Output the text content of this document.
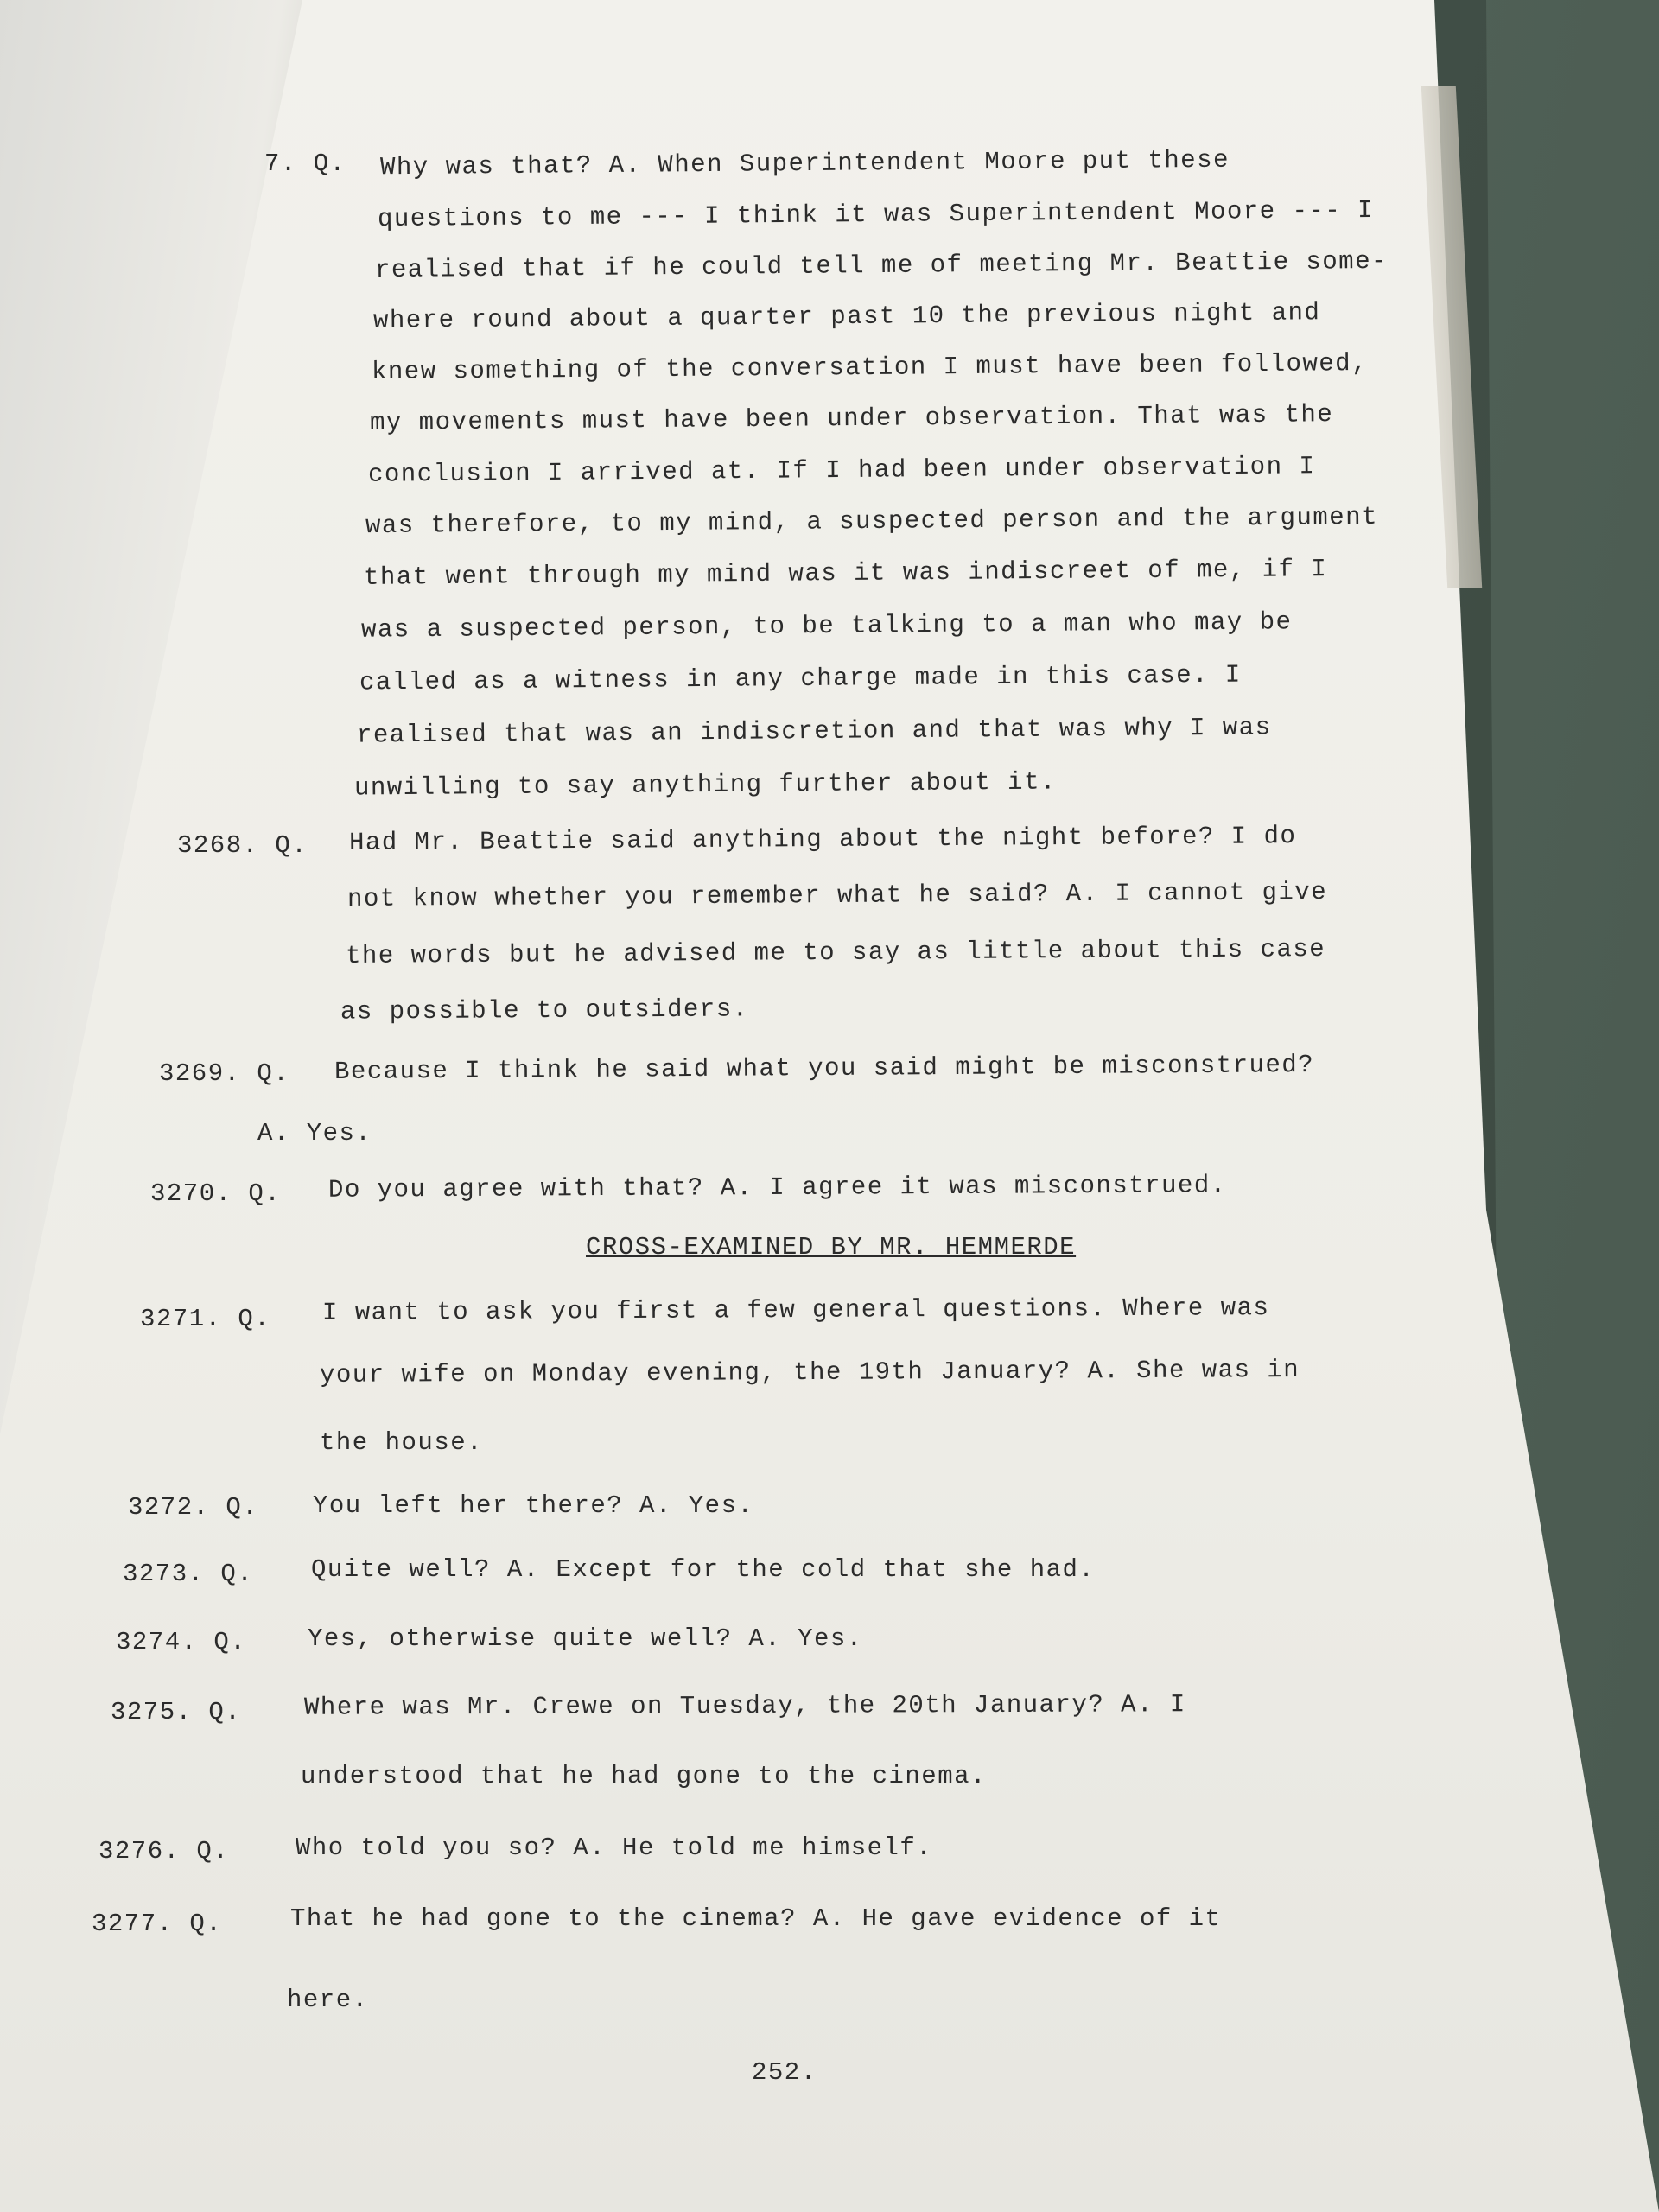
7. Q. Why was that? A. When Superintendent Moore put these
questions to me --- I think it was Superintendent Moore --- I
realised that if he could tell me of meeting Mr. Beattie some-
where round about a quarter past 10 the previous night and
knew something of the conversation I must have been followed,
my movements must have been under observation. That was the
conclusion I arrived at. If I had been under observation I
was therefore, to my mind, a suspected person and the argument
that went through my mind was it was indiscreet of me, if I
was a suspected person, to be talking to a man who may be
called as a witness in any charge made in this case. I
realised that was an indiscretion and that was why I was
unwilling to say anything further about it.
3268. Q. Had Mr. Beattie said anything about the night before? I do
not know whether you remember what he said? A. I cannot give
the words but he advised me to say as little about this case
as possible to outsiders.
3269. Q. Because I think he said what you said might be misconstrued?
A. Yes.
3270. Q. Do you agree with that? A. I agree it was misconstrued.
CROSS-EXAMINED BY MR. HEMMERDE
3271. Q. I want to ask you first a few general questions. Where was
your wife on Monday evening, the 19th January? A. She was in
the house.
3272. Q. You left her there? A. Yes.
3273. Q. Quite well? A. Except for the cold that she had.
3274. Q. Yes, otherwise quite well? A. Yes.
3275. Q.	Where was Mr. Crewe on Tuesday, the 20th January? A. I
understood that he had gone to the cinema.
3276. Q.	Who told you so? A. He told me himself.
3277. Q.	That he had gone to the cinema? A. He gave evidence of it
here.
252.
